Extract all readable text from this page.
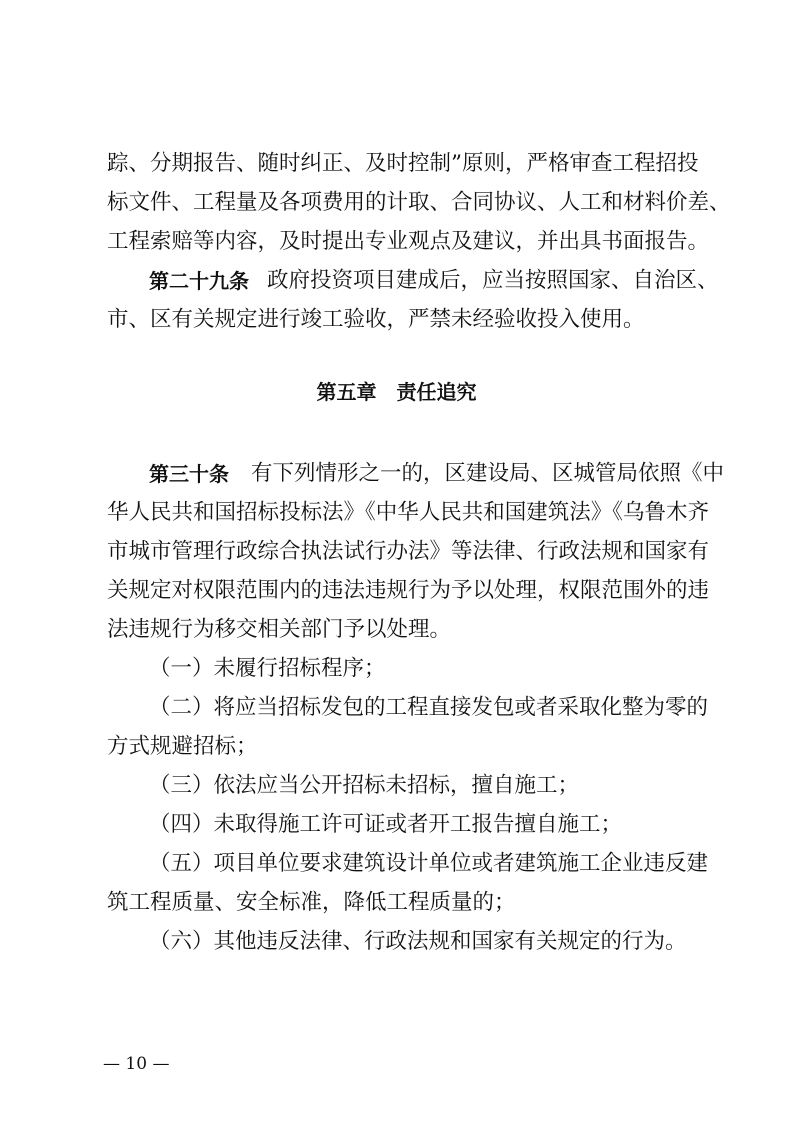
踪、分期报告、随时纠正、及时控制”原则，严格审查工程招投
标文件、工程量及各项费用的计取、合同协议、人工和材料价差、
工程索赔等内容，及时提出专业观点及建议，并出具书面报告。
第二十九条 政府投资项目建成后，应当按照国家、自治区、
市、区有关规定进行竣工验收，严禁未经验收投入使用。
第五章　责任追究
第三十条 有下列情形之一的，区建设局、区城管局依照《中
华人民共和国招标投标法》《中华人民共和国建筑法》《乌鲁木齐
市城市管理行政综合执法试行办法》等法律、行政法规和国家有
关规定对权限范围内的违法违规行为予以处理，权限范围外的违
法违规行为移交相关部门予以处理。
（一）未履行招标程序；
（二）将应当招标发包的工程直接发包或者采取化整为零的
方式规避招标；
（三）依法应当公开招标未招标，擅自施工；
（四）未取得施工许可证或者开工报告擅自施工；
（五）项目单位要求建筑设计单位或者建筑施工企业违反建
筑工程质量、安全标准，降低工程质量的；
（六）其他违反法律、行政法规和国家有关规定的行为。
— 10 —
